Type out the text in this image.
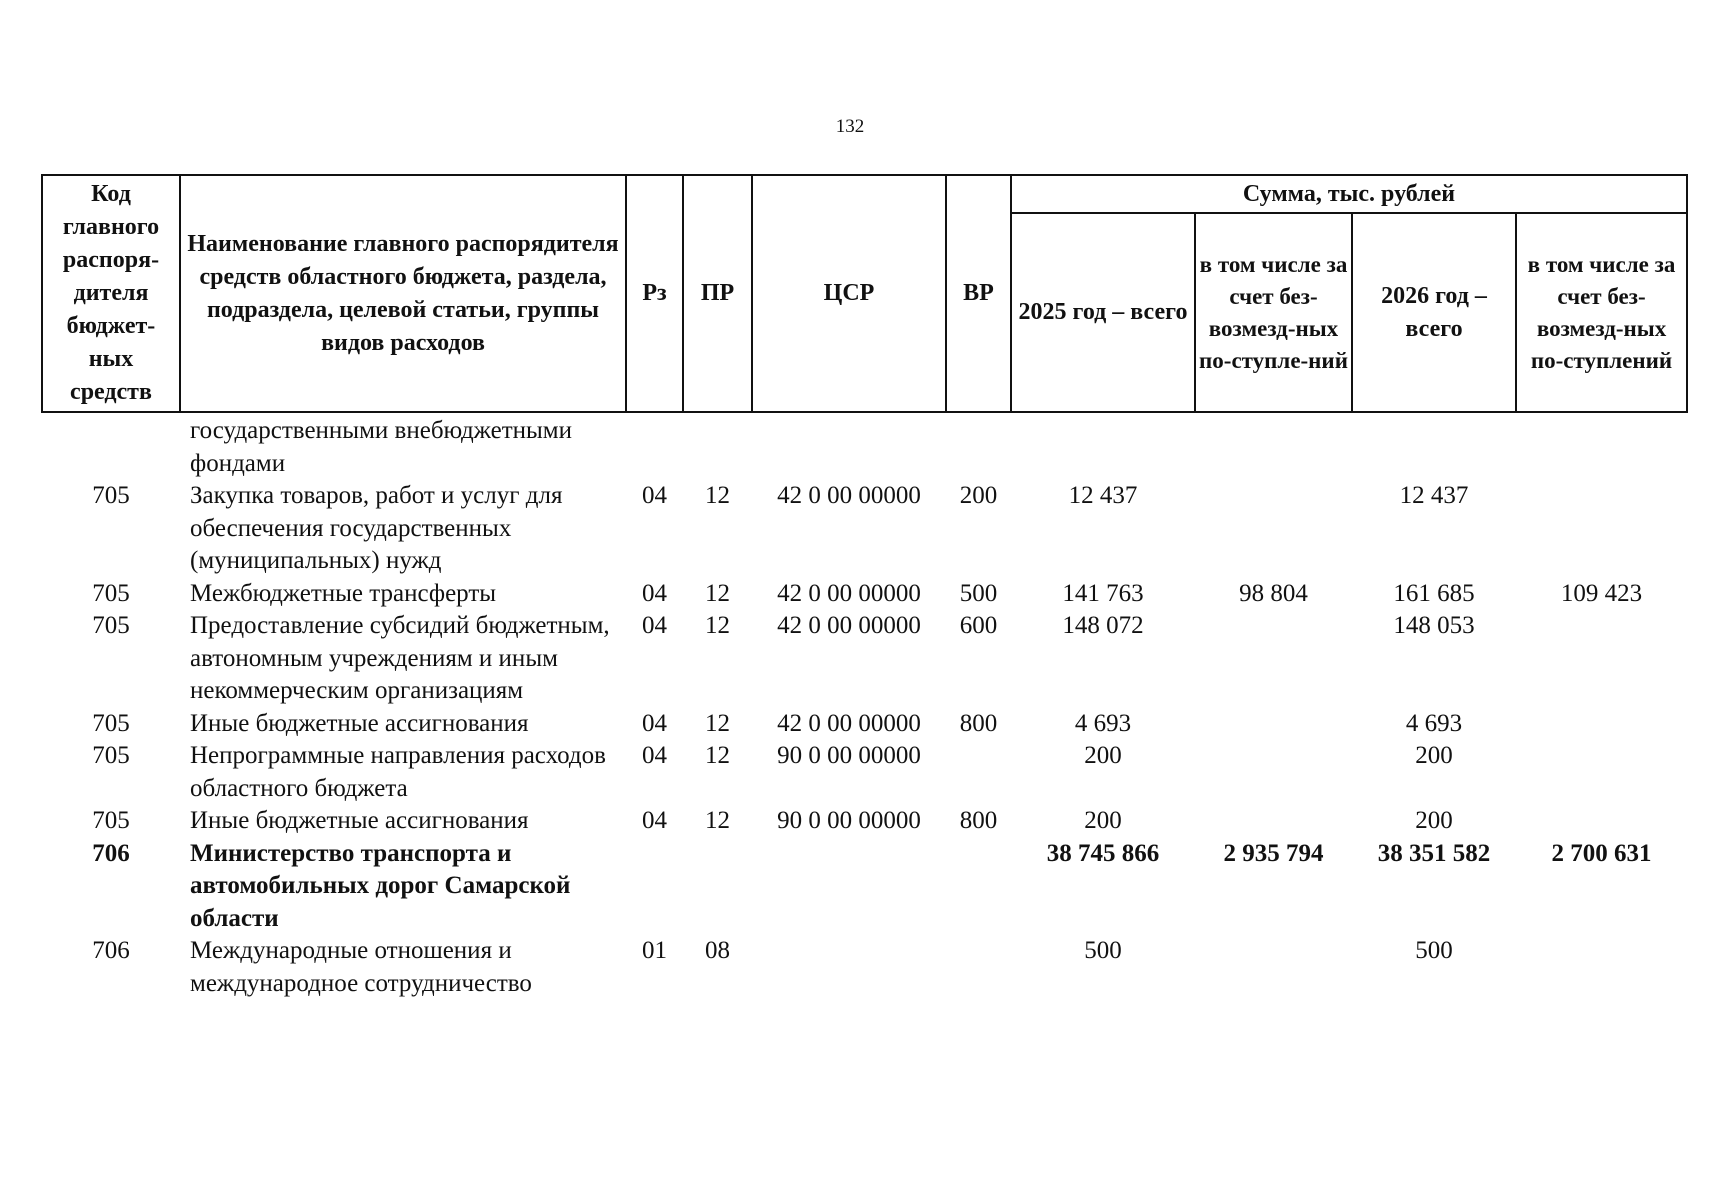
132
Код главного распоря-дителя бюджет-ных средств	Наименование главного распорядителя средств областного бюджета, раздела, подраздела, целевой статьи, группы видов расходов	Рз	ПР	ЦСР	ВР	Сумма, тыс. рублей			
						2025 год – всего	в том числе за счет без-возмезд-ных по-ступле-ний	2026 год – всего	в том числе за счет без-возмезд-ных по-ступлений
	государственными внебюджетными фондами								
705	Закупка товаров, работ и услуг для обеспечения государственных (муниципальных) нужд	04	12	42 0 00 00000	200	12 437		12 437	
705	Межбюджетные трансферты	04	12	42 0 00 00000	500	141 763	98 804	161 685	109 423
705	Предоставление субсидий бюджетным, автономным учреждениям и иным некоммерческим организациям	04	12	42 0 00 00000	600	148 072		148 053	
705	Иные бюджетные ассигнования	04	12	42 0 00 00000	800	4 693		4 693	
705	Непрограммные направления расходов областного бюджета	04	12	90 0 00 00000		200		200	
705	Иные бюджетные ассигнования	04	12	90 0 00 00000	800	200		200	
706	Министерство транспорта и автомобильных дорог Самарской области					38 745 866	2 935 794	38 351 582	2 700 631
706	Международные отношения и международное сотрудничество	01	08			500		500	
